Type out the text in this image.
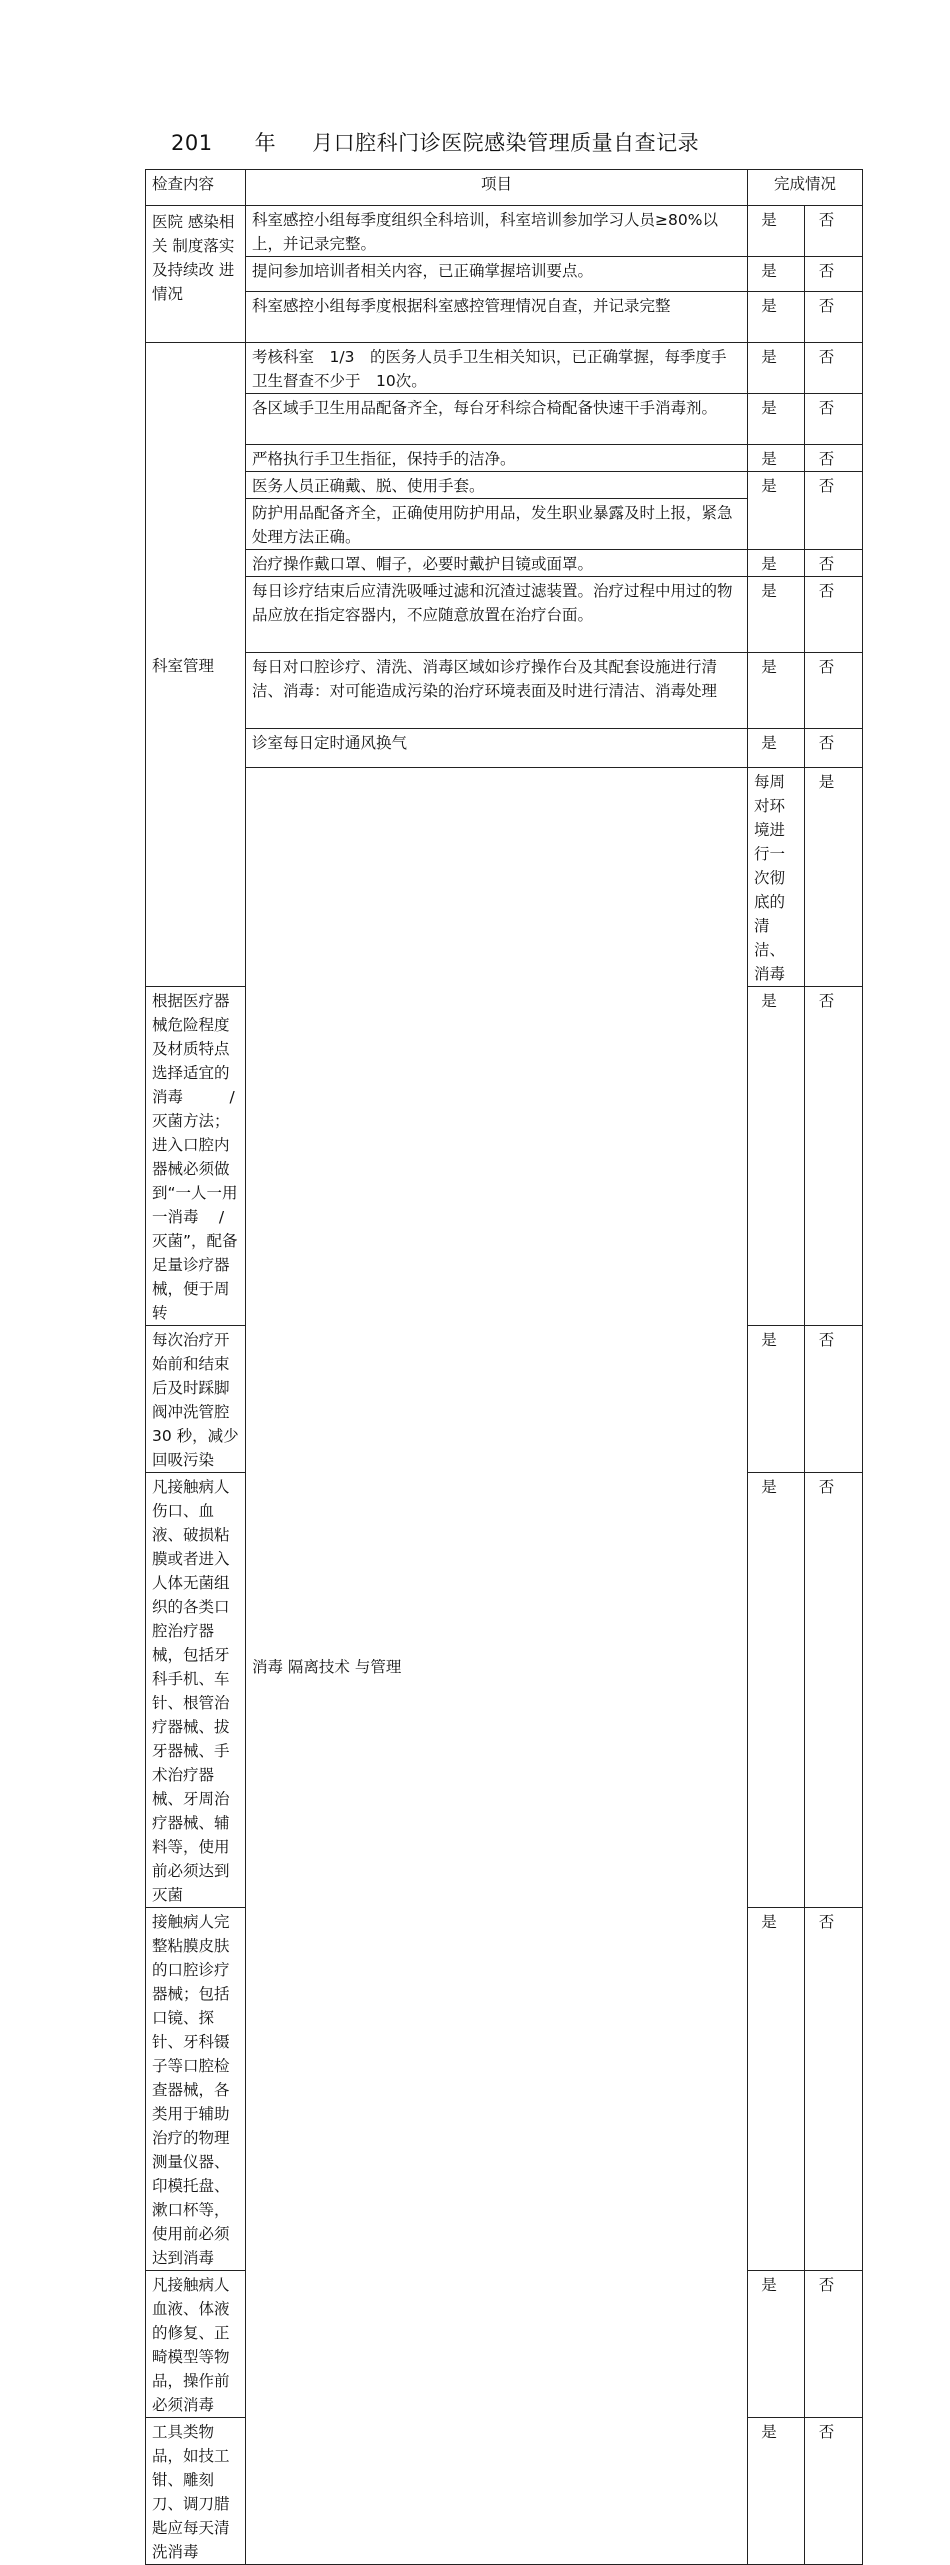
201 年 月口腔科门诊医院感染管理质量自查记录
检查内容	项目	完成情况		
医院 感染相关 制度落实 及持续改 进情况	科室感控小组每季度组织全科培训，科室培训参加学习人员≥80%以上，并记录完整。	是	否	
	提问参加培训者相关内容，已正确掌握培训要点。	是	否	
	科室感控小组每季度根据科室感控管理情况自查，并记录完整	是	否	
科室管理	考核科室　1/3　的医务人员手卫生相关知识，已正确掌握，每季度手卫生督查不少于　10次。	是	否	
	各区域手卫生用品配备齐全，每台牙科综合椅配备快速干手消毒剂。	是	否	
	严格执行手卫生指征，保持手的洁净。	是	否	
	医务人员正确戴、脱、使用手套。	是	否	
	防护用品配备齐全，正确使用防护用品，发生职业暴露及时上报，紧急处理方法正确。			
	治疗操作戴口罩、帽子，必要时戴护目镜或面罩。	是	否	
	每日诊疗结束后应清洗吸唾过滤和沉渣过滤装置。治疗过程中用过的物品应放在指定容器内，不应随意放置在治疗台面。	是	否	
	每日对口腔诊疗、清洗、消毒区域如诊疗操作台及其配套设施进行清洁、消毒：对可能造成污染的治疗环境表面及时进行清洁、消毒处理	是	否	
	诊室每日定时通风换气	是	否	
	消毒 隔离技术 与管理	每周对环境进行一次彻底的清洁、消毒	是	
根据医疗器械危险程度及材质特点选择适宜的消毒　　　/ 灭菌方法；进入口腔内器械必须做到“一人一用一消毒　 / 灭菌”，配备足量诊疗器械，便于周转		是	否	
每次治疗开始前和结束后及时踩脚阀冲洗管腔　　30 秒，减少回吸污染		是	否	
凡接触病人伤口、血液、破损粘膜或者进入人体无菌组织的各类口腔治疗器械，包括牙科手机、车针、根管治疗器械、拔牙器械、手术治疗器械、牙周治疗器械、辅料等，使用前必须达到灭菌		是	否	
接触病人完整粘膜皮肤的口腔诊疗器械；包括口镜、探针、牙科镊子等口腔检查器械，各类用于辅助治疗的物理测量仪器、印模托盘、漱口杯等，使用前必须达到消毒		是	否	
凡接触病人血液、体液的修复、正畸模型等物品，操作前必须消毒		是	否	
工具类物品，如技工钳、雕刻刀、调刀腊匙应每天清洗消毒		是	否	
